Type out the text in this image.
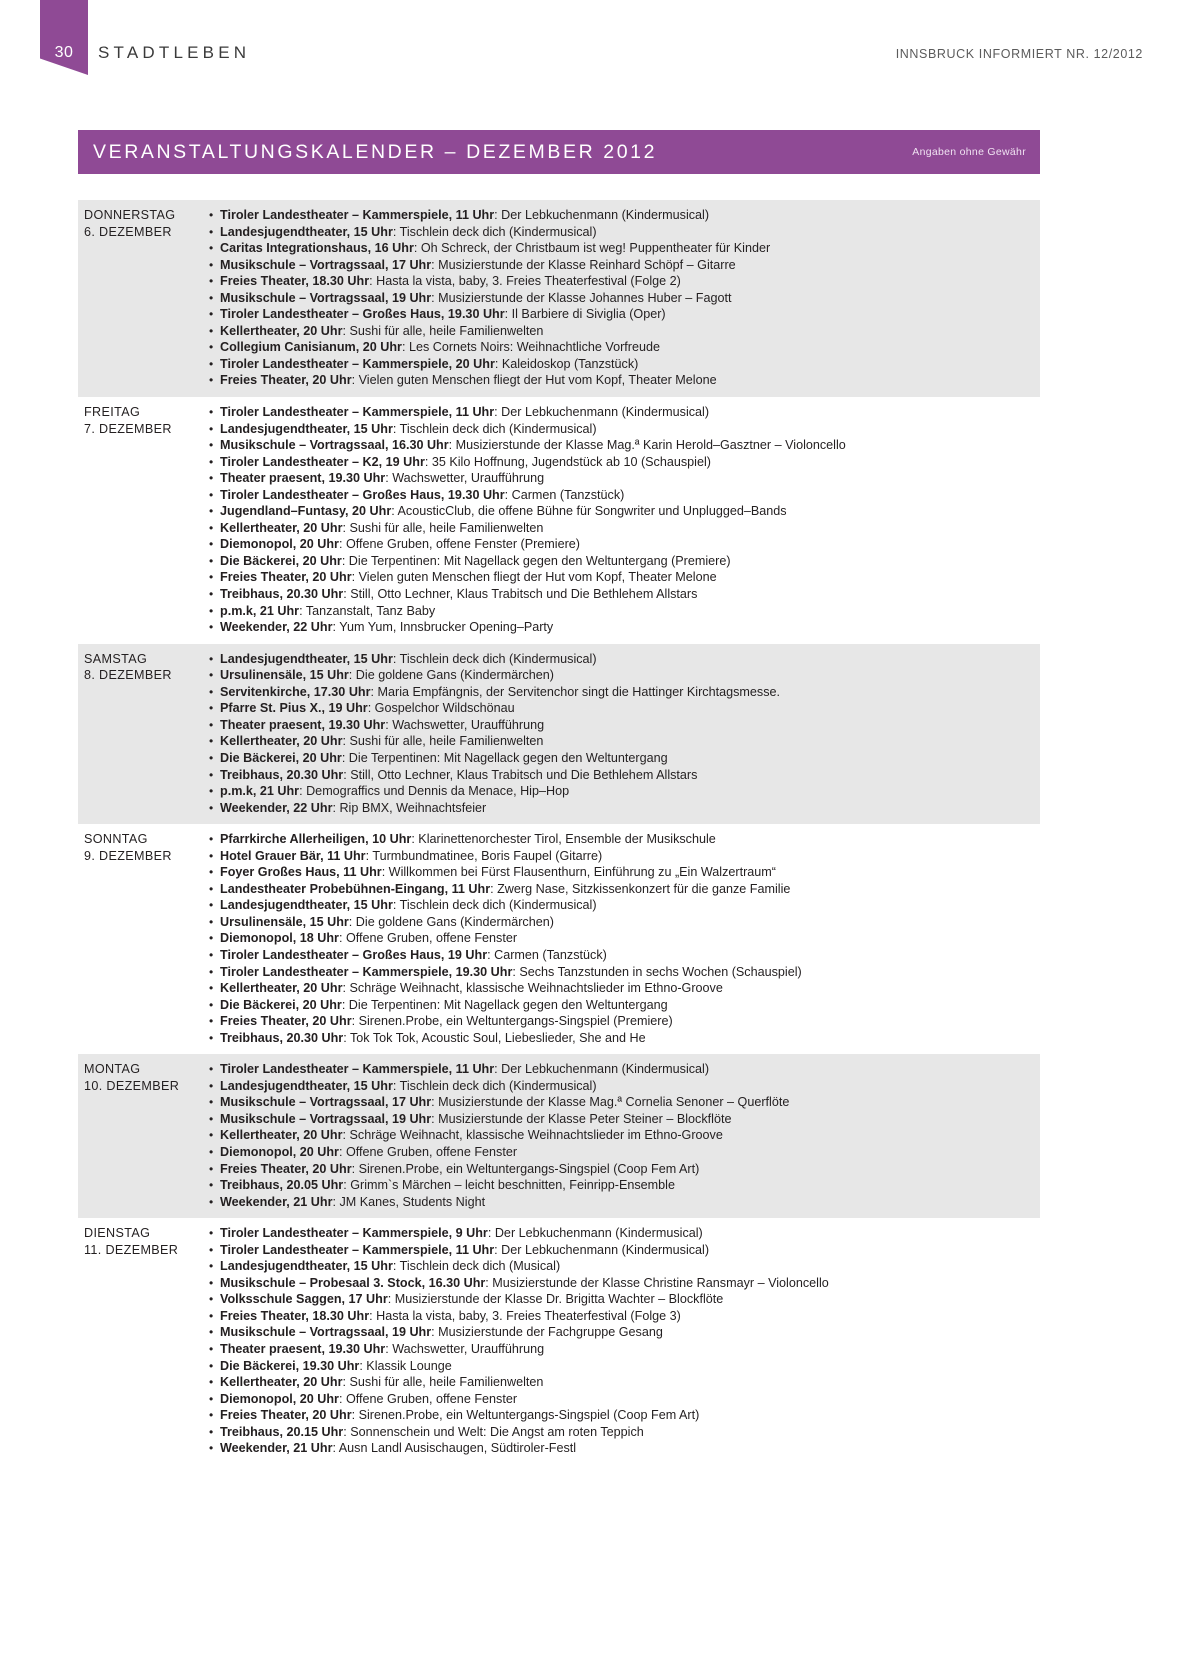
30	STADTLEBEN	INNSBRUCK INFORMIERT NR. 12/2012
VERANSTALTUNGSKALENDER – DEZEMBER 2012	Angaben ohne Gewähr
DONNERSTAG
6. DEZEMBER
• Tiroler Landestheater – Kammerspiele, 11 Uhr: Der Lebkuchenmann (Kindermusical)
• Landesjugendtheater, 15 Uhr: Tischlein deck dich (Kindermusical)
• Caritas Integrationshaus, 16 Uhr: Oh Schreck, der Christbaum ist weg! Puppentheater für Kinder
• Musikschule – Vortragssaal, 17 Uhr: Musizierstunde der Klasse Reinhard Schöpf – Gitarre
• Freies Theater, 18.30 Uhr: Hasta la vista, baby, 3. Freies Theaterfestival (Folge 2)
• Musikschule – Vortragssaal, 19 Uhr: Musizierstunde der Klasse Johannes Huber – Fagott
• Tiroler Landestheater – Großes Haus, 19.30 Uhr: Il Barbiere di Siviglia (Oper)
• Kellertheater, 20 Uhr: Sushi für alle, heile Familienwelten
• Collegium Canisianum, 20 Uhr: Les Cornets Noirs: Weihnachtliche Vorfreude
• Tiroler Landestheater – Kammerspiele, 20 Uhr: Kaleidoskop (Tanzstück)
• Freies Theater, 20 Uhr: Vielen guten Menschen fliegt der Hut vom Kopf, Theater Melone
FREITAG
7. DEZEMBER
• Tiroler Landestheater – Kammerspiele, 11 Uhr: Der Lebkuchenmann (Kindermusical)
• Landesjugendtheater, 15 Uhr: Tischlein deck dich (Kindermusical)
• Musikschule – Vortragssaal, 16.30 Uhr: Musizierstunde der Klasse Mag.ª Karin Herold–Gasztner – Violoncello
• Tiroler Landestheater – K2, 19 Uhr: 35 Kilo Hoffnung, Jugendstück ab 10 (Schauspiel)
• Theater praesent, 19.30 Uhr: Wachswetter, Uraufführung
• Tiroler Landestheater – Großes Haus, 19.30 Uhr: Carmen (Tanzstück)
• Jugendland–Funtasy, 20 Uhr: AcousticClub, die offene Bühne für Songwriter und Unplugged–Bands
• Kellertheater, 20 Uhr: Sushi für alle, heile Familienwelten
• Diemonopol, 20 Uhr: Offene Gruben, offene Fenster (Premiere)
• Die Bäckerei, 20 Uhr: Die Terpentinen: Mit Nagellack gegen den Weltuntergang (Premiere)
• Freies Theater, 20 Uhr: Vielen guten Menschen fliegt der Hut vom Kopf, Theater Melone
• Treibhaus, 20.30 Uhr: Still, Otto Lechner, Klaus Trabitsch und Die Bethlehem Allstars
• p.m.k, 21 Uhr: Tanzanstalt, Tanz Baby
• Weekender, 22 Uhr: Yum Yum, Innsbrucker Opening–Party
SAMSTAG
8. DEZEMBER
• Landesjugendtheater, 15 Uhr: Tischlein deck dich (Kindermusical)
• Ursulinensäle, 15 Uhr: Die goldene Gans (Kindermärchen)
• Servitenkirche, 17.30 Uhr: Maria Empfängnis, der Servitenchor singt die Hattinger Kirchtagsmesse.
• Pfarre St. Pius X., 19 Uhr: Gospelchor Wildschönau
• Theater praesent, 19.30 Uhr: Wachswetter, Uraufführung
• Kellertheater, 20 Uhr: Sushi für alle, heile Familienwelten
• Die Bäckerei, 20 Uhr: Die Terpentinen: Mit Nagellack gegen den Weltuntergang
• Treibhaus, 20.30 Uhr: Still, Otto Lechner, Klaus Trabitsch und Die Bethlehem Allstars
• p.m.k, 21 Uhr: Demograffics und Dennis da Menace, Hip–Hop
• Weekender, 22 Uhr: Rip BMX, Weihnachtsfeier
SONNTAG
9. DEZEMBER
• Pfarrkirche Allerheiligen, 10 Uhr: Klarinettenorchester Tirol, Ensemble der Musikschule
• Hotel Grauer Bär, 11 Uhr: Turmbundmatinee, Boris Faupel (Gitarre)
• Foyer Großes Haus, 11 Uhr: Willkommen bei Fürst Flausenthurn, Einführung zu „Ein Walzertraum“
• Landestheater Probebühnen-Eingang, 11 Uhr: Zwerg Nase, Sitzkissenkonzert für die ganze Familie
• Landesjugendtheater, 15 Uhr: Tischlein deck dich (Kindermusical)
• Ursulinensäle, 15 Uhr: Die goldene Gans (Kindermärchen)
• Diemonopol, 18 Uhr: Offene Gruben, offene Fenster
• Tiroler Landestheater – Großes Haus, 19 Uhr: Carmen (Tanzstück)
• Tiroler Landestheater – Kammerspiele, 19.30 Uhr: Sechs Tanzstunden in sechs Wochen (Schauspiel)
• Kellertheater, 20 Uhr: Schräge Weihnacht, klassische Weihnachtslieder im Ethno-Groove
• Die Bäckerei, 20 Uhr: Die Terpentinen: Mit Nagellack gegen den Weltuntergang
• Freies Theater, 20 Uhr: Sirenen.Probe, ein Weltuntergangs-Singspiel (Premiere)
• Treibhaus, 20.30 Uhr: Tok Tok Tok, Acoustic Soul, Liebeslieder, She and He
MONTAG
10. DEZEMBER
• Tiroler Landestheater – Kammerspiele, 11 Uhr: Der Lebkuchenmann (Kindermusical)
• Landesjugendtheater, 15 Uhr: Tischlein deck dich (Kindermusical)
• Musikschule – Vortragssaal, 17 Uhr: Musizierstunde der Klasse Mag.ª Cornelia Senoner – Querflöte
• Musikschule – Vortragssaal, 19 Uhr: Musizierstunde der Klasse Peter Steiner – Blockflöte
• Kellertheater, 20 Uhr: Schräge Weihnacht, klassische Weihnachtslieder im Ethno-Groove
• Diemonopol, 20 Uhr: Offene Gruben, offene Fenster
• Freies Theater, 20 Uhr: Sirenen.Probe, ein Weltuntergangs-Singspiel (Coop Fem Art)
• Treibhaus, 20.05 Uhr: Grimm`s Märchen – leicht beschnitten, Feinripp-Ensemble
• Weekender, 21 Uhr: JM Kanes, Students Night
DIENSTAG
11. DEZEMBER
• Tiroler Landestheater – Kammerspiele, 9 Uhr: Der Lebkuchenmann (Kindermusical)
• Tiroler Landestheater – Kammerspiele, 11 Uhr: Der Lebkuchenmann (Kindermusical)
• Landesjugendtheater, 15 Uhr: Tischlein deck dich (Musical)
• Musikschule – Probesaal 3. Stock, 16.30 Uhr: Musizierstunde der Klasse Christine Ransmayr – Violoncello
• Volksschule Saggen, 17 Uhr: Musizierstunde der Klasse Dr. Brigitta Wachter – Blockflöte
• Freies Theater, 18.30 Uhr: Hasta la vista, baby, 3. Freies Theaterfestival (Folge 3)
• Musikschule – Vortragssaal, 19 Uhr: Musizierstunde der Fachgruppe Gesang
• Theater praesent, 19.30 Uhr: Wachswetter, Uraufführung
• Die Bäckerei, 19.30 Uhr: Klassik Lounge
• Kellertheater, 20 Uhr: Sushi für alle, heile Familienwelten
• Diemonopol, 20 Uhr: Offene Gruben, offene Fenster
• Freies Theater, 20 Uhr: Sirenen.Probe, ein Weltuntergangs-Singspiel (Coop Fem Art)
• Treibhaus, 20.15 Uhr: Sonnenschein und Welt: Die Angst am roten Teppich
• Weekender, 21 Uhr: Ausn Landl Ausischaugen, Südtiroler-Festl
